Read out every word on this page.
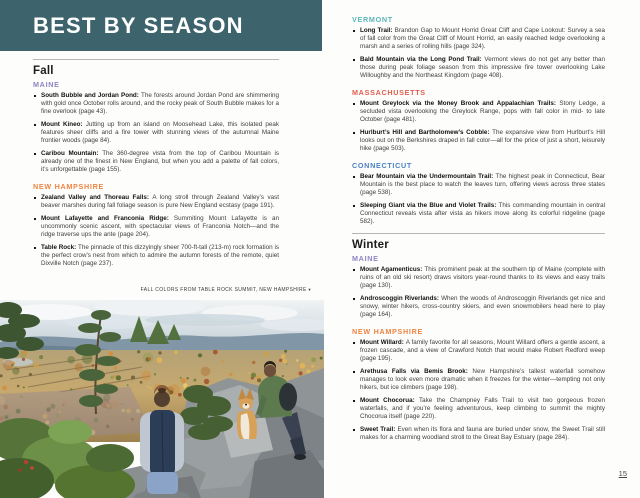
BEST BY SEASON
Fall
MAINE
South Bubble and Jordan Pond: The forests around Jordan Pond are shimmering with gold once October rolls around, and the rocky peak of South Bubble makes for a fine overlook (page 43).
Mount Kineo: Jutting up from an island on Moosehead Lake, this isolated peak features sheer cliffs and a fire tower with stunning views of the autumnal Maine frontier woods (page 84).
Caribou Mountain: The 360-degree vista from the top of Caribou Mountain is already one of the finest in New England, but when you add a palette of fall colors, it’s unforgettable (page 155).
NEW HAMPSHIRE
Zealand Valley and Thoreau Falls: A long stroll through Zealand Valley’s vast beaver marshes during fall foliage season is pure New England ecstasy (page 191).
Mount Lafayette and Franconia Ridge: Summiting Mount Lafayette is an uncommonly scenic ascent, with spectacular views of Franconia Notch—and the ridge traverse ups the ante (page 204).
Table Rock: The pinnacle of this dizzyingly sheer 700-ft-tall (213-m) rock formation is the perfect crow’s nest from which to admire the autumn forests of the remote, quiet Dixville Notch (page 237).
FALL COLORS FROM TABLE ROCK SUMMIT, NEW HAMPSHIRE ▾
VERMONT
Long Trail: Brandon Gap to Mount Horrid Great Cliff and Cape Lookout: Survey a sea of fall color from the Great Cliff of Mount Horrid, an easily reached ledge overlooking a marsh and a series of rolling hills (page 324).
Bald Mountain via the Long Pond Trail: Vermont views do not get any better than those during peak foliage season from this impressive fire tower overlooking Lake Willoughby and the Northeast Kingdom (page 408).
MASSACHUSETTS
Mount Greylock via the Money Brook and Appalachian Trails: Stony Ledge, a secluded vista overlooking the Greylock Range, pops with fall color in mid- to late October (page 481).
Hurlburt’s Hill and Bartholomew’s Cobble: The expansive view from Hurlburt’s Hill looks out on the Berkshires draped in fall color—all for the price of just a short, leisurely hike (page 503).
CONNECTICUT
Bear Mountain via the Undermountain Trail: The highest peak in Connecticut, Bear Mountain is the best place to watch the leaves turn, offering views across three states (page 538).
Sleeping Giant via the Blue and Violet Trails: This commanding mountain in central Connecticut reveals vista after vista as hikers move along its colorful ridgeline (page 582).
Winter
MAINE
Mount Agamenticus: This prominent peak at the southern tip of Maine (complete with ruins of an old ski resort) draws visitors year-round thanks to its views and easy trails (page 130).
Androscoggin Riverlands: When the woods of Androscoggin Riverlands get nice and snowy, winter hikers, cross-country skiers, and even snowmobilers head here to play (page 164).
NEW HAMPSHIRE
Mount Willard: A family favorite for all seasons, Mount Willard offers a gentle ascent, a frozen cascade, and a view of Crawford Notch that would make Robert Redford weep (page 195).
Arethusa Falls via Bemis Brook: New Hampshire’s tallest waterfall somehow manages to look even more dramatic when it freezes for the winter—tempting not only hikers, but ice climbers (page 198).
Mount Chocorua: Take the Champney Falls Trail to visit two gorgeous frozen waterfalls, and if you’re feeling adventurous, keep climbing to summit the mighty Chocorua itself (page 220).
Sweet Trail: Even when its flora and fauna are buried under snow, the Sweet Trail still makes for a charming woodland stroll to the Great Bay Estuary (page 284).
15
